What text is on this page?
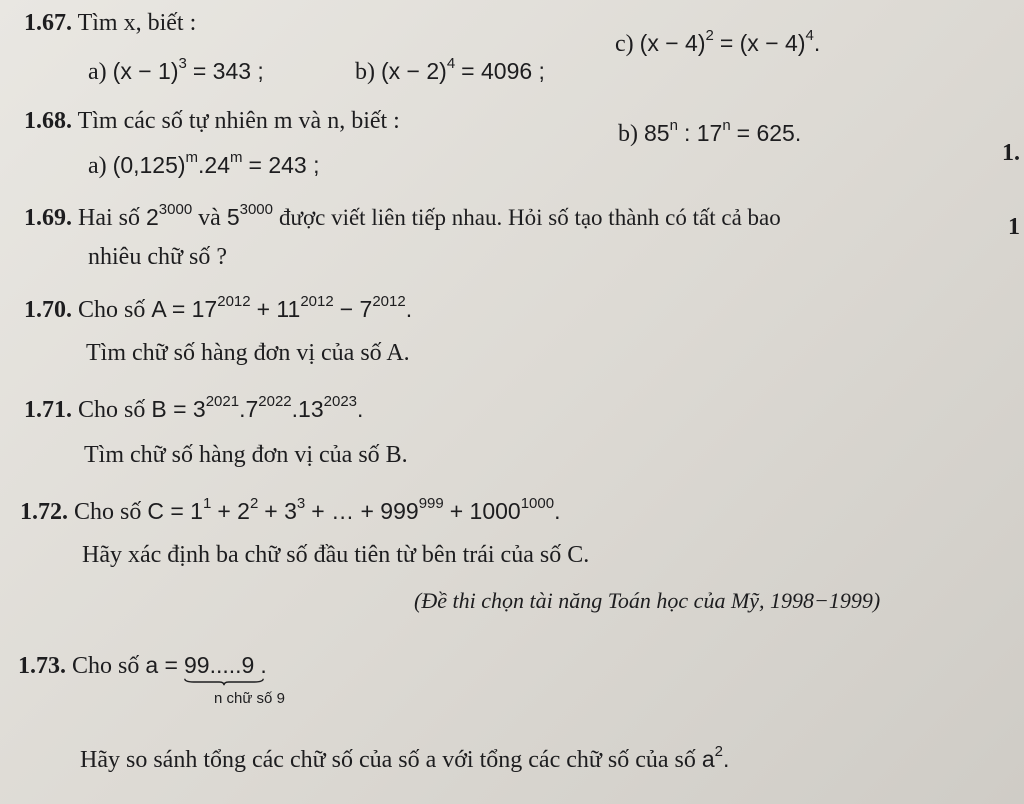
1.67. Tìm x, biết :
a) $(x - 1)^3 = 343$ ;	b) $(x - 2)^4 = 4096$ ;
c) $(x - 4)^2 = (x - 4)^4$.
1.68. Tìm các số tự nhiên m và n, biết :
a) $(0,125)^m.24^m = 243$ ;
b) 85$^n$ : $17^n = 625$.
1.69. Hai số $2^{3000}$ và $5^{3000}$ được viết liên tiếp nhau. Hỏi số tạo thành có tất cả bao
nhiêu chữ số ?
1.70. Cho số $A = 17^{2012} + 11^{2012} - 7^{2012}$.
Tìm chữ số hàng đơn vị của số A.
1.71. Cho số $B = 3^{2021}.7^{2022}.13^{2023}$.
Tìm chữ số hàng đơn vị của số B.
1.72. Cho số $C = 1^1 + 2^2 + 3^3$ + … + $999^{999} + 1000^{1000}$.
Hãy xác định ba chữ số đầu tiên từ bên trái của số C.
(Đề thi chọn tài năng Toán học của Mỹ, 1998−1999)
1.73. Cho số a = 99.....9 .
n chữ số 9
Hãy so sánh tổng các chữ số của số a với tổng các chữ số của số $a^2$.
1.
1
